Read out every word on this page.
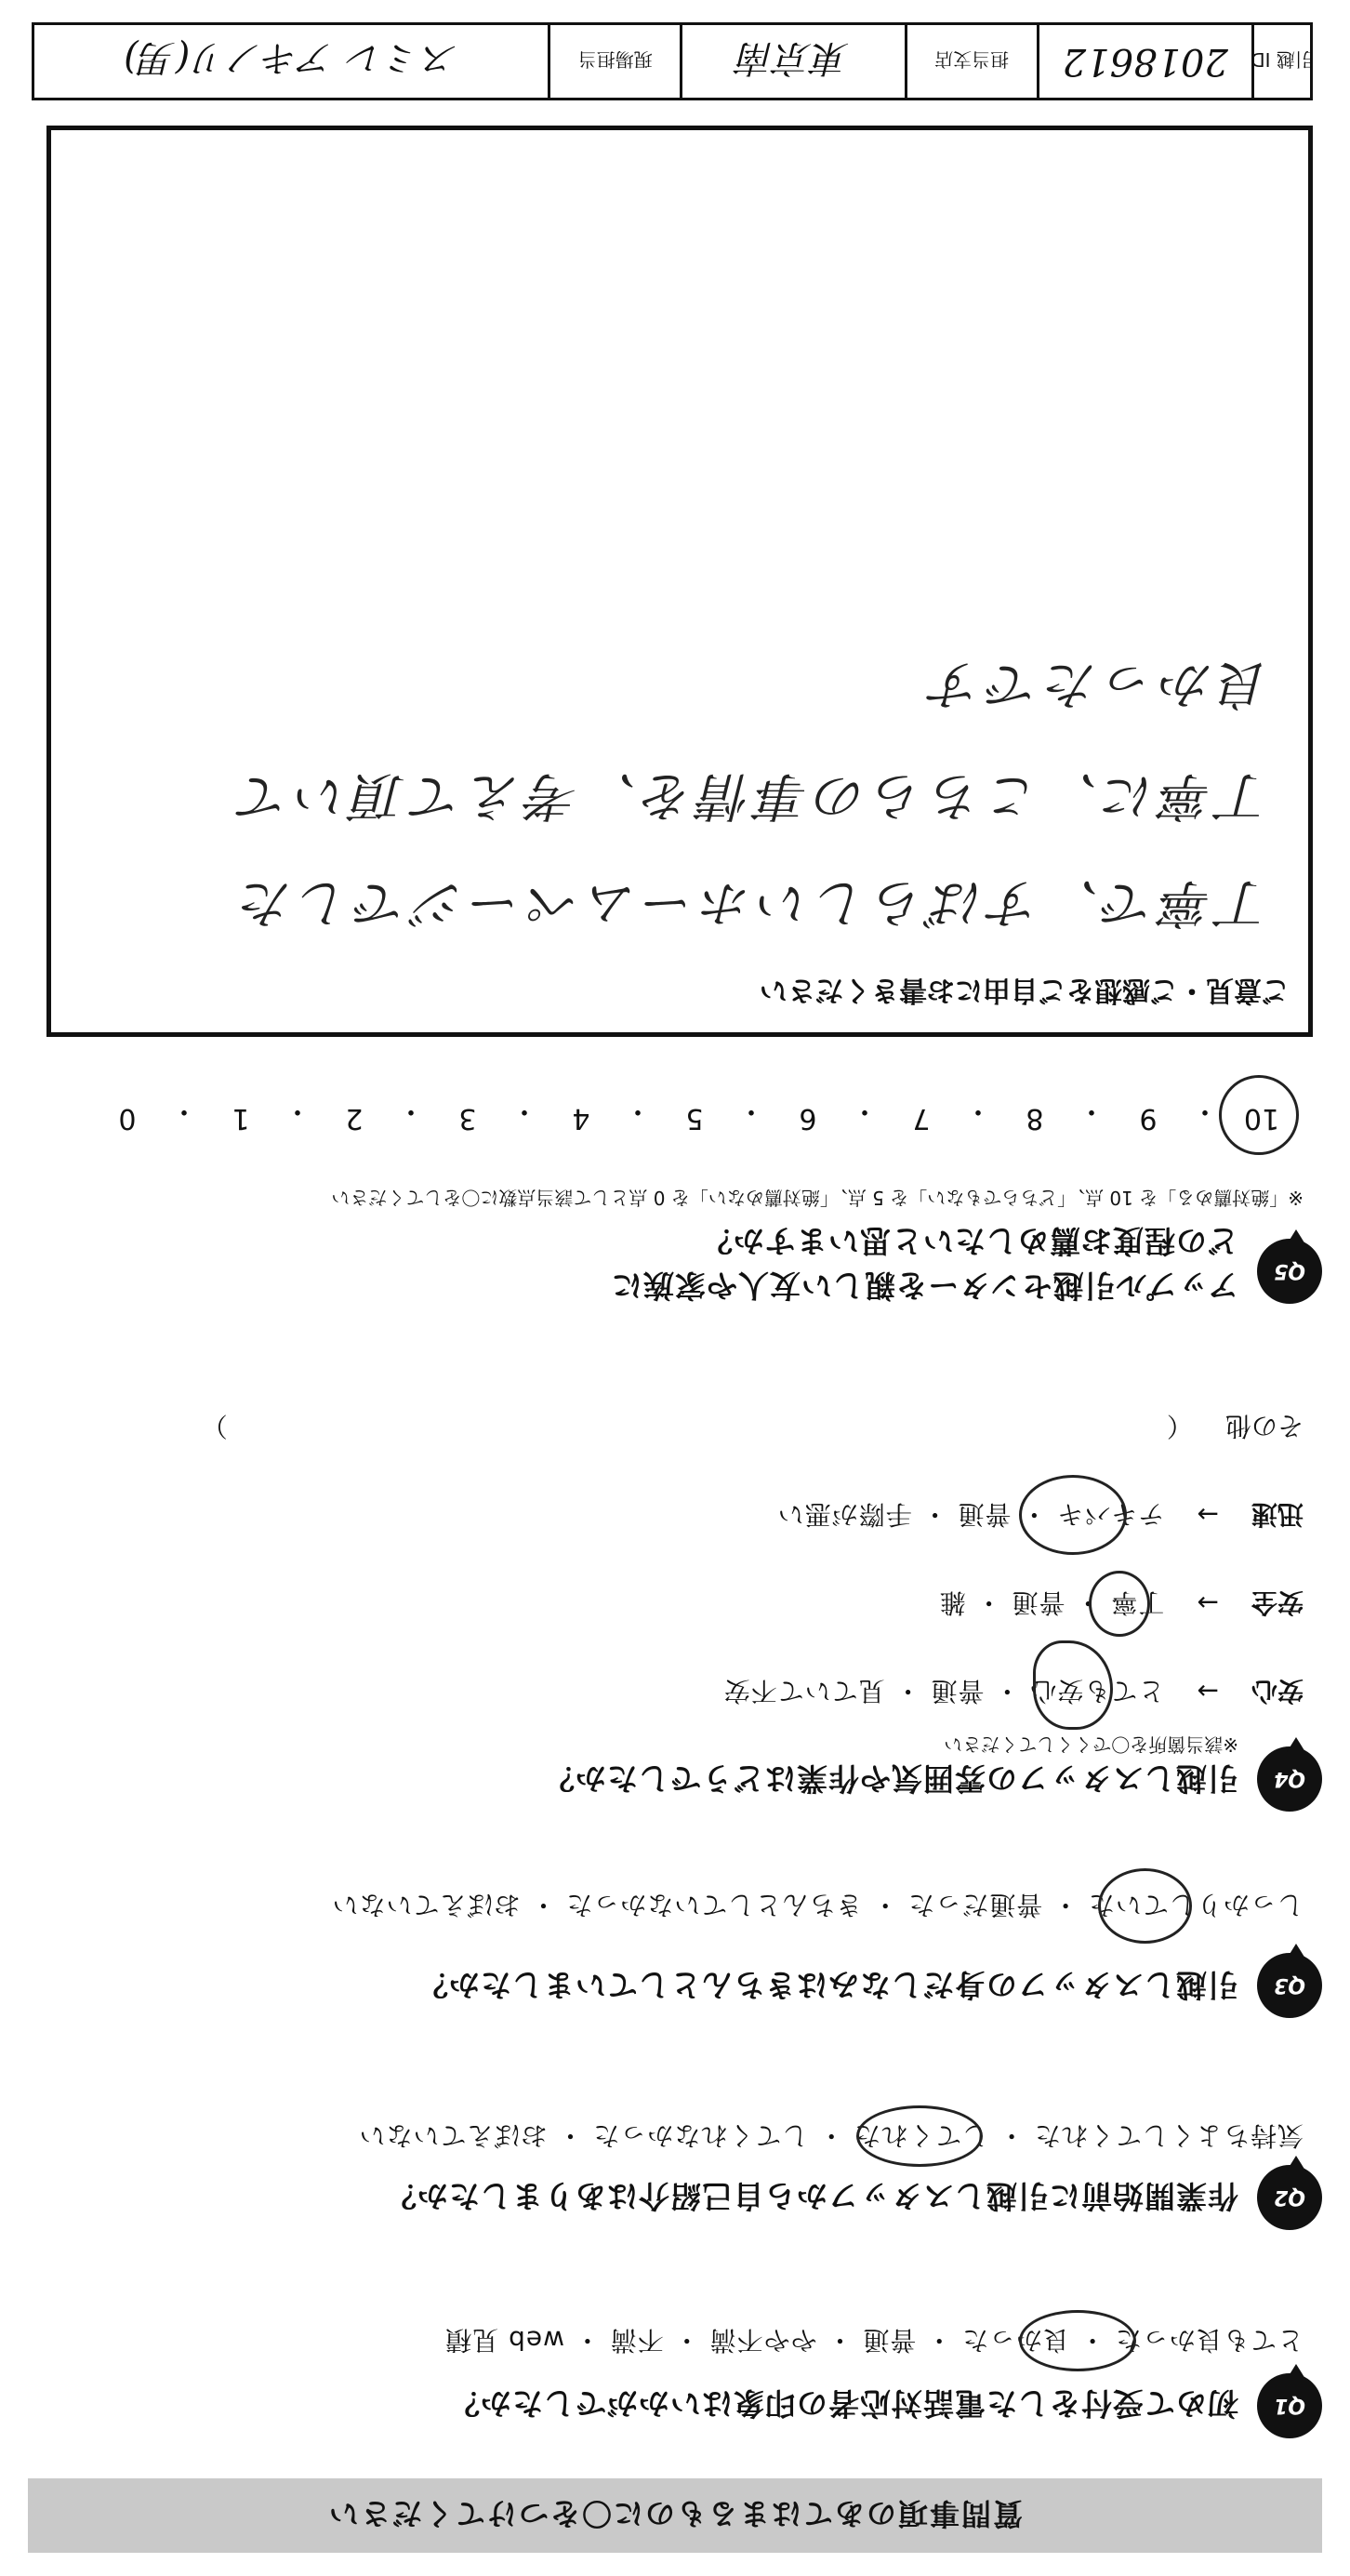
質問事項のあてはまるものに〇をつけてください
Q1
初めて受付をした電話対応者の印象はいかがでしたか？
とても良かった ・ 良かった ・ 普通 ・ やや不満 ・ 不満 ・ web 見積
Q2
作業開始前に引越しスタッフから自己紹介はありましたか？
気持ちよくしてくれた ・ してくれた ・ してくれなかった ・ おぼえていない
Q3
引越しスタッフの身だしなみはきちんとしていましたか？
しっかりしていた ・ 普通だった ・ きちんとしていなかった ・ おぼえていない
Q4
引越しスタッフの雰囲気や作業はどうでしたか？
※該当箇所を〇でくくしてください
安心 → とても安心 ・ 普通 ・ 見ていて不安
安全 → 丁寧 ・ 普通 ・ 雑
迅速 → テキパキ ・ 普通 ・ 手際が悪い
その他 （  ）
Q5
アップル引越センターを親しい友人や家族に
どの程度お薦めしたいと思いますか？
※「絶対薦める」を 10 点、「どちらでもない」を 5 点、「絶対薦めない」を 0 点として該当点数に〇をしてください
10
・
9
・
8
・
7
・
6
・
5
・
4
・
3
・
2
・
1
・
0
ご意見・ご感想をご自由にお書きください
丁寧で、すばらしいホームページでした
丁寧に、こちらの事情を、考えて頂いて
良かったです
引越 ID
2018612
担当支店
東京南
現場担当
スミレ アキノリ(男)
